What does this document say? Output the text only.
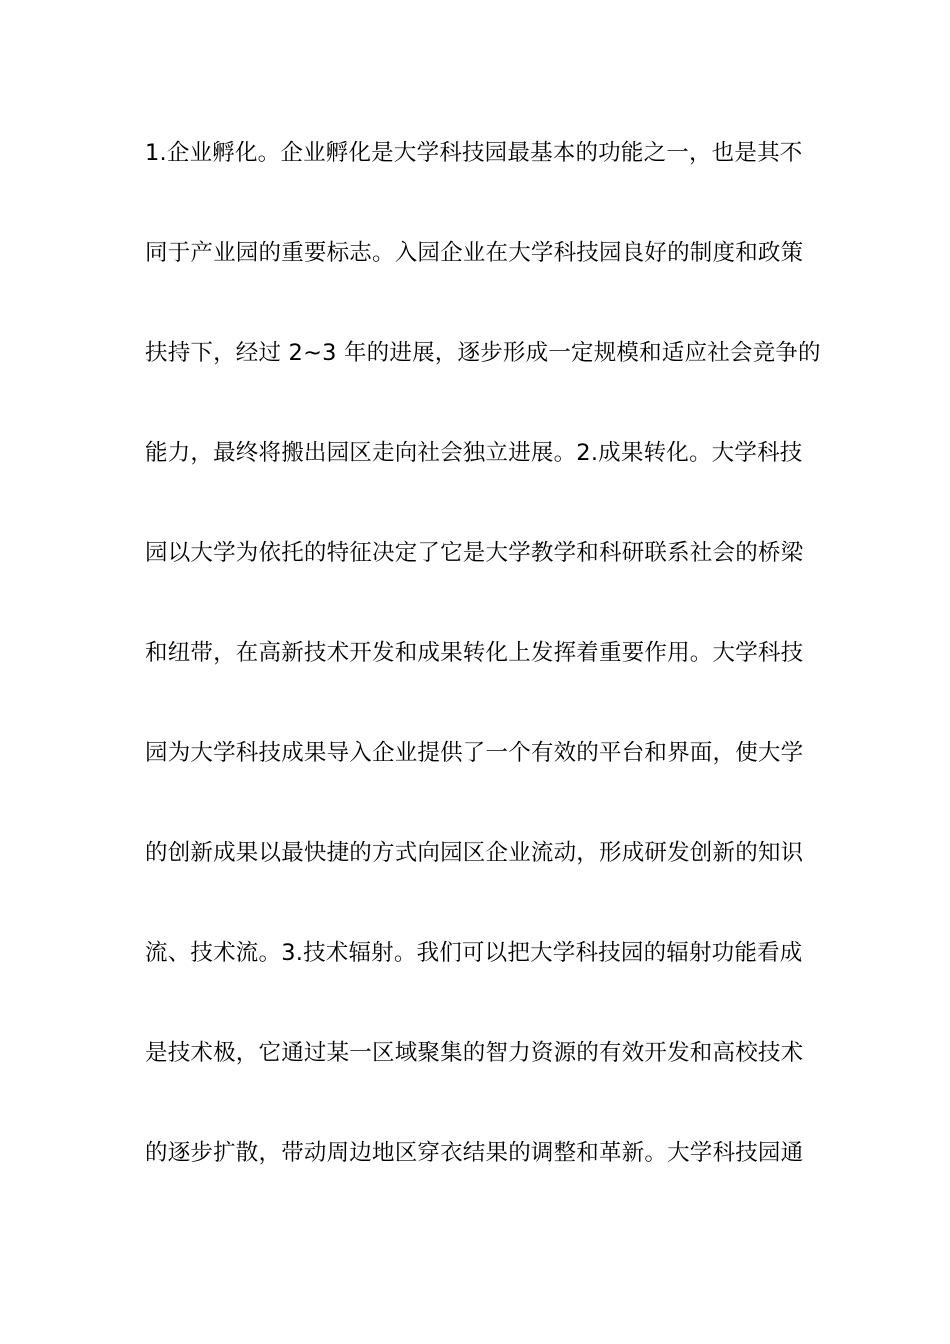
1.企业孵化。企业孵化是大学科技园最基本的功能之一，也是其不
同于产业园的重要标志。入园企业在大学科技园良好的制度和政策
扶持下，经过 2~3 年的进展，逐步形成一定规模和适应社会竞争的
能力，最终将搬出园区走向社会独立进展。2.成果转化。大学科技
园以大学为依托的特征决定了它是大学教学和科研联系社会的桥梁
和纽带，在高新技术开发和成果转化上发挥着重要作用。大学科技
园为大学科技成果导入企业提供了一个有效的平台和界面，使大学
的创新成果以最快捷的方式向园区企业流动，形成研发创新的知识
流、技术流。3.技术辐射。我们可以把大学科技园的辐射功能看成
是技术极，它通过某一区域聚集的智力资源的有效开发和高校技术
的逐步扩散，带动周边地区穿衣结果的调整和革新。大学科技园通
